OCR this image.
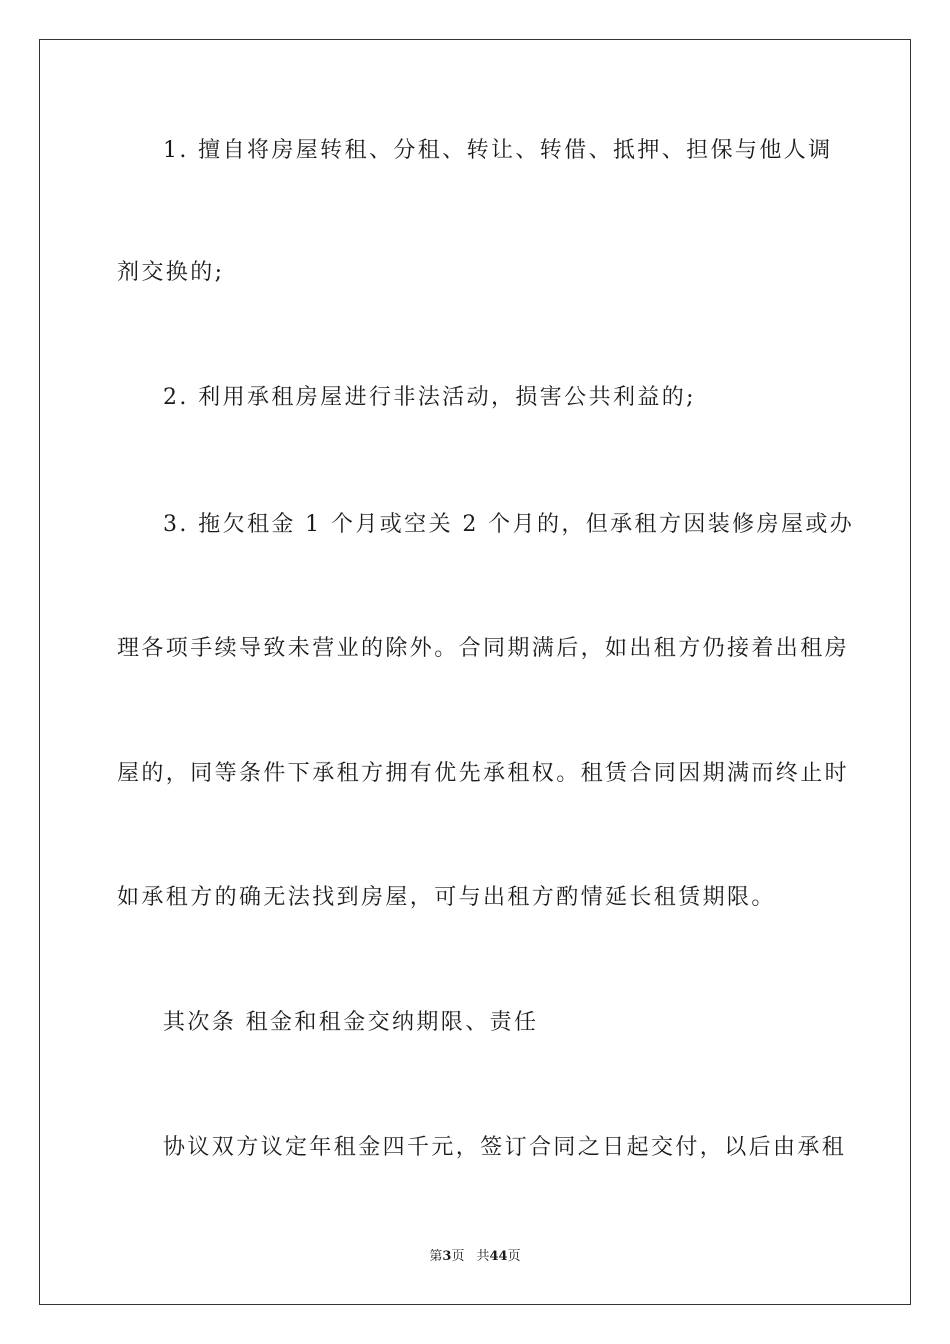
1. 擅自将房屋转租、分租、转让、转借、抵押、担保与他人调
剂交换的;
2. 利用承租房屋进行非法活动，损害公共利益的;
3. 拖欠租金 1 个月或空关 2 个月的，但承租方因装修房屋或办
理各项手续导致未营业的除外。合同期满后，如出租方仍接着出租房
屋的，同等条件下承租方拥有优先承租权。租赁合同因期满而终止时
如承租方的确无法找到房屋，可与出租方酌情延长租赁期限。
其次条 租金和租金交纳期限、责任
协议双方议定年租金四千元，签订合同之日起交付，以后由承租
第3页 共44页
